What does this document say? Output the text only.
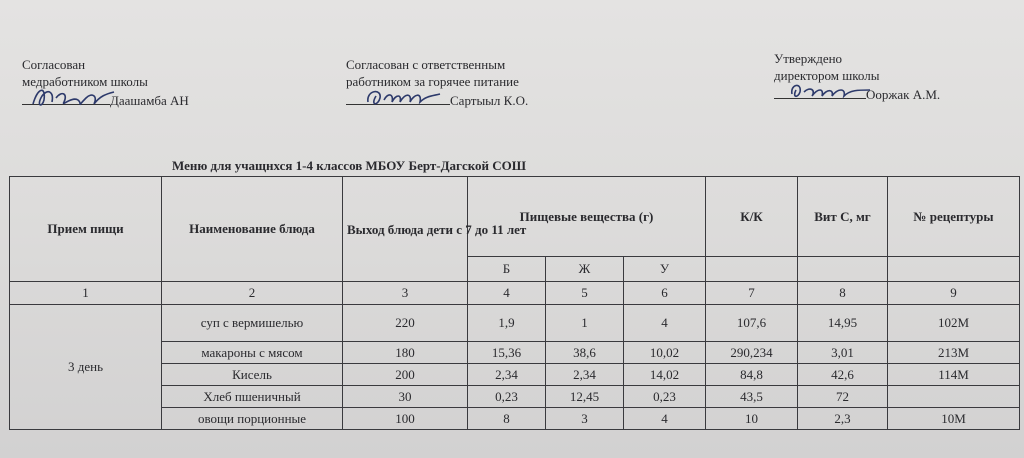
Согласован
медработником школы
Даашамба АН
Согласован с ответственным
работником за горячее питание
Сартыыл К.О.
Утверждено
директором школы
Ооржак А.М.
Меню для учащнхся 1-4 классов МБОУ Берт-Дагской СОШ
Прием пищи	Наименование блюда	Выход блюда дети с 7 до 11 лет	Пищевые вещества (г)			К/К	Вит С, мг	№ рецептуры
			Б	Ж	У			
1	2	3	4	5	6	7	8	9
3 день	суп с вермишелью	220	1,9	1	4	107,6	14,95	102М
	макароны с мясом	180	15,36	38,6	10,02	290,234	3,01	213М
	Кисель	200	2,34	2,34	14,02	84,8	42,6	114М
	Хлеб пшеничный	30	0,23	12,45	0,23	43,5	72	
	овощи порционные	100	8	3	4	10	2,3	10М
